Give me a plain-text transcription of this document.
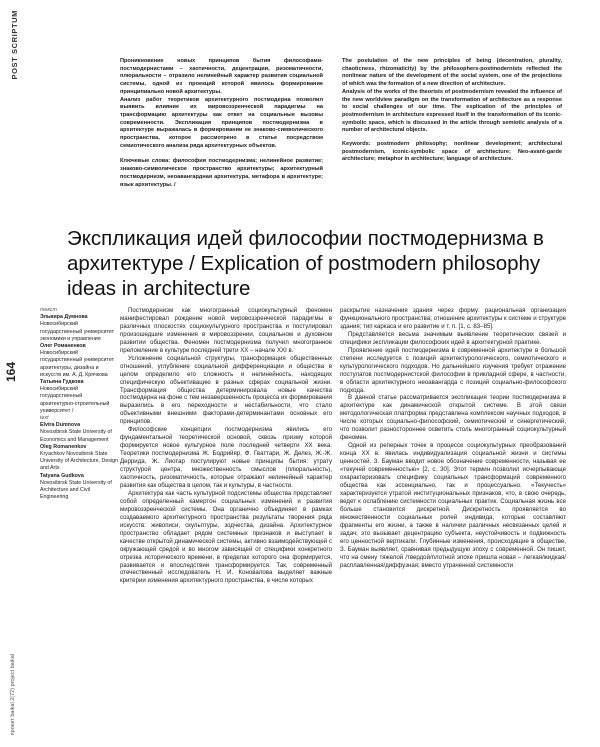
POST SCRIPTUM
164
проект baikal 2(72) project baikal

Проникновение новых принципов бытия философами-постмодернистами – хаотичности, децентрации, ризоматичности, плюральности – отразило нелинейный характер развития социальной системы, одной из проекций которой явилось формирование принципиально новой архитектуры.

Анализ работ теоретиков архитектурного постмодерна позволил выявить влияние их мировоззренческой парадигмы на трансформацию архитектуры как ответ на социальные вызовы современности. Экспликация принципов постмодернизма в архитектуре выражалась в формировании ее знаково-символического пространства, которое рассмотрено в статье посредством семиотического анализа ряда архитектурных объектов.

Ключевые слова: философия постмодернизма; нелинейное развитие; знаково-символическое пространство архитектуры; архитектурный постмодернизм, неоавангардная архитектура, метафора в архитектуре; язык архитектуры. /

The postulation of the new principles of being (decentration, plurality, chaoticness, rhizomaticity) by the philosophers-postmodernists reflected the nonlinear nature of the development of the social system, one of the projections of which was the formation of a new direction of architecture.

Analysis of the works of the theorists of postmodernism revealed the influence of the new worldview paradigm on the transformation of architecture as a response to social challenges of our time. The explication of the principles of postmodernism in architecture expressed itself in the transformation of its iconic-symbolic space, which is discussed in the article through semiotic analysis of a number of architectural objects.

Keywords: postmodern philosophy; nonlinear development; architectural postmodernism, iconic-symbolic space of architecture; Neo-avant-garde architecture; metaphor in architecture; language of architecture.

Экспликация идей философии постмодернизма в архитектуре / Explication of postmodern philosophy ideas in architecture
текст
Эльвира Думнова
Новосибирский государственный университет экономики и управления
Олег Романенков
Новосибирский государственный университет архитектуры, дизайна и искусств им. А. Д. Крячкова
Татьяна Гудкова
Новосибирский государственный архитектурно-строительный университет /
text
Elvira Dumnova
Novosibirsk State University of Economics and Management
Oleg Romanenkov
Kryachkov Novosibirsk State University of Architecture, Design and Arts
Tatyana Gudkova
Novosibirsk State University of Architecture and Civil Engineering

Постмодернизм как многогранный социокультурный феномен манифестировал рождение новой мировоззренческой парадигмы в различных плоскостях социокультурного пространства и постулировал произошедшие изменения в мировоззрении, социальном и духовном развитии общества. Феномен постмодернизма получил многогранное преломление в культуре последней трети XX – начале XXI в.

Усложнение социальной структуры, трансформация общественных отношений, углубление социальной дифференциации и общества в целом определило его сложность и нелинейность, находящих специфическую объективацию в разных сферах социальной жизни. Трансформация общества детерминировала новые качества постмодерна на фоне с тем незавершенность процесса их формирования выразились в его переходности и нестабильности, что стало объективными внешними факторами-детерминантами основных его принципов.

Философские концепции постмодернизма явились его фундаментальной теоретической основой, сквозь призму которой формируется новое культурное поле последней четверти XX века. Теоретики постмодернизма Ж. Бодрийяр, Ф. Гваттари, Ж. Делез, Ж.-Ж. Деррида, Ж. Лиотар постулируют новые принципы бытия: утрату структурой центра, множественность смыслов (плюральность), хаотичность, ризоматичность, которые отражают нелинейный характер развития как общества в целом, так и культуры, в частности.

Архитектура как часть культурной подсистемы общества представляет собой определенный камертон социальных изменений и развития мировоззренческой системы. Она органично объединяет в рамках создаваемого архитектурного пространства результаты творения ряда искусств: живописи, скульптуры, зодчества, дизайна. Архитектурное пространство обладает рядом системных признаков и выступает в качестве открытой динамической системы, активно взаимодействующей с окружающей средой и во многом зависящей от специфики конкретного отрезка исторического времени, в пределах которого она формируется, развивается и впоследствии трансформируется. Так, современный отечественный исследователь Н. И. Коновалова выделяет важные критерии изменения архитектурного пространства, в числе которых

раскрытие назначения здания через форму: рациональная организация функционального пространства; отношение архитектуры к системе и структуре здания; тип каркаса и его развитие и т. п. [1, с. 83–85].

Представляется весьма значимым выявление теоретических связей и специфики экспликации философских идей в архитектурной практике.

Проявление идей постмодернизма в современной архитектуре в большой степени исследуется с позиций архитектурологического, семиотического и культурологического подходов. Но дальнейшего изучения требует отражение постулатов постмодернистской философии в прикладной сфере, в частности, в области архитектурного неоавангарда с позиций социально-философского подхода.

В данной статье рассматривается экспликация теории постмодернизма в архитектуре как динамической открытой системе. В этой связи методологическая платформа представлена комплексом научных подходов, в числе которых социально-философский, семиотический и синергетический, что позволит разностороннее осветить столь многогранный социокультурный феномен.

Одной из реперных точек в процессе социокультурных преобразований конца XX в. явилась индивидуализация социальной жизни и системы ценностей. З. Бауман вводит новое обозначение современности, называя ее «текучей современностью» [2, с. 30]. Этот термин позволил исчерпывающе охарактеризовать специфику социальных трансформаций современного общества как эссенциально, так и процессуально. «Текучесть» характеризуется утратой институциональных признаков, что, в свою очередь, ведет к ослаблению системности социальных практик. Социальная жизнь все больше становится дискретной. Дискретность проявляется во множественности социальных ролей индивида, которые составляют фрагменты его жизни, а также в наличии различных несвязанных целей и задач; это вызывает децентрацию субъекта, неустойчивость и подвижность его ценностной вертикали. Глубинные изменения, происходящие в обществе, З. Бауман выявляет, сравнивая предыдущую эпоху с современной. Он пишет, что на смену тяжелой /твердой/плотной эпохе пришла новая – легкая/жидкая/расплавленная/диффузная; вместо утраченной системности
